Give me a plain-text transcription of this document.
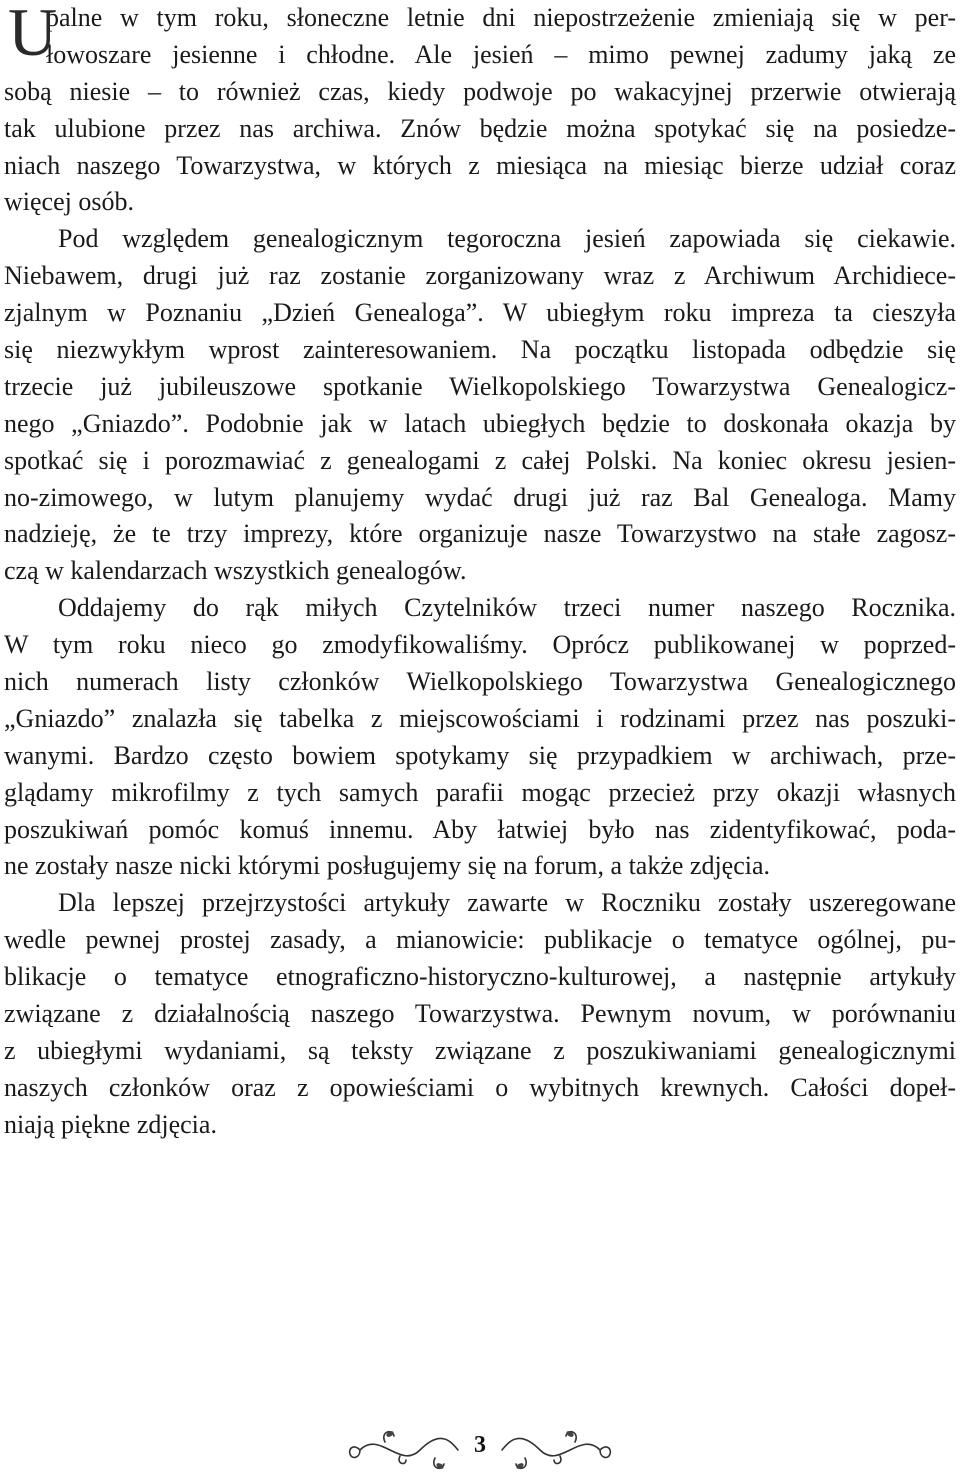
U
palne w tym roku, słoneczne letnie dni niepostrzeżenie zmieniają się w per-
łowoszare jesienne i chłodne. Ale jesień – mimo pewnej zadumy jaką ze
sobą niesie – to również czas, kiedy podwoje po wakacyjnej przerwie otwierają
tak ulubione przez nas archiwa. Znów będzie można spotykać się na posiedze-
niach naszego Towarzystwa, w których z miesiąca na miesiąc bierze udział coraz
więcej osób.
Pod względem genealogicznym tegoroczna jesień zapowiada się ciekawie.
Niebawem, drugi już raz zostanie zorganizowany wraz z Archiwum Archidiece-
zjalnym w Poznaniu „Dzień Genealoga”. W ubiegłym roku impreza ta cieszyła
się niezwykłym wprost zainteresowaniem. Na początku listopada odbędzie się
trzecie już jubileuszowe spotkanie Wielkopolskiego Towarzystwa Genealogicz-
nego „Gniazdo”. Podobnie jak w latach ubiegłych będzie to doskonała okazja by
spotkać się i porozmawiać z genealogami z całej Polski. Na koniec okresu jesien-
no-zimowego, w lutym planujemy wydać drugi już raz Bal Genealoga. Mamy
nadzieję, że te trzy imprezy, które organizuje nasze Towarzystwo na stałe zagosz-
czą w kalendarzach wszystkich genealogów.
Oddajemy do rąk miłych Czytelników trzeci numer naszego Rocznika.
W tym roku nieco go zmodyfikowaliśmy. Oprócz publikowanej w poprzed-
nich numerach listy członków Wielkopolskiego Towarzystwa Genealogicznego
„Gniazdo” znalazła się tabelka z miejscowościami i rodzinami przez nas poszuki-
wanymi. Bardzo często bowiem spotykamy się przypadkiem w archiwach, prze-
glądamy mikrofilmy z tych samych parafii mogąc przecież przy okazji własnych
poszukiwań pomóc komuś innemu. Aby łatwiej było nas zidentyfikować, poda-
ne zostały nasze nicki którymi posługujemy się na forum, a także zdjęcia.
Dla lepszej przejrzystości artykuły zawarte w Roczniku zostały uszeregowane
wedle pewnej prostej zasady, a mianowicie: publikacje o tematyce ogólnej, pu-
blikacje o tematyce etnograficzno-historyczno-kulturowej, a następnie artykuły
związane z działalnością naszego Towarzystwa. Pewnym novum, w porównaniu
z ubiegłymi wydaniami, są teksty związane z poszukiwaniami genealogicznymi
naszych członków oraz z opowieściami o wybitnych krewnych. Całości dopeł-
niają piękne zdjęcia.
3
